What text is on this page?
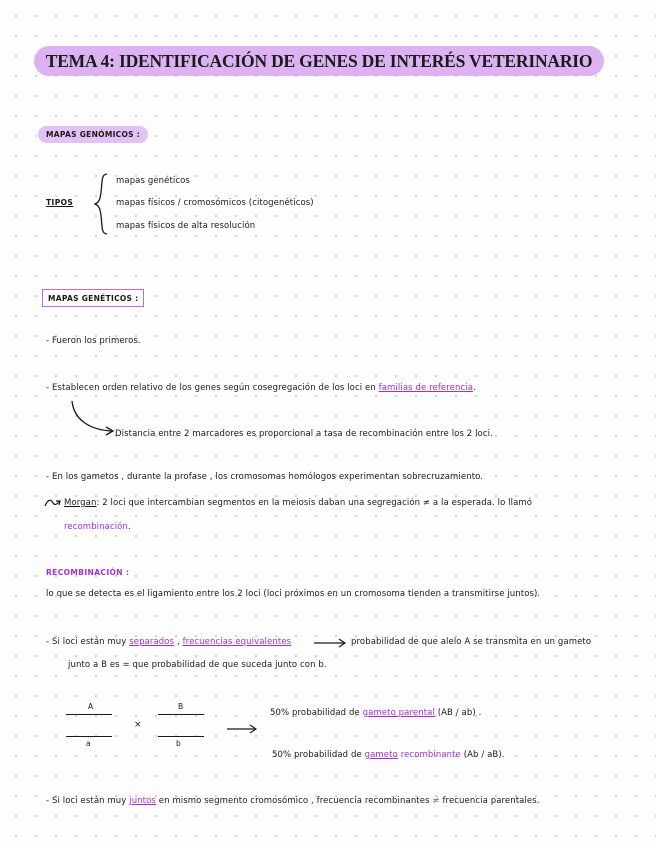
TEMA 4: IDENTIFICACIÓN DE GENES DE INTERÉS VETERINARIO
MAPAS GENÓMICOS :
TIPOS
mapas genéticos
mapas físicos / cromosómicos (citogenéticos)
mapas físicos de alta resolución
MAPAS GENÉTICOS :
- Fueron los primeros.
- Establecen orden relativo de los genes según cosegregación de los loci en familias de referencia.
Distancia entre 2 marcadores es proporcional a tasa de recombinación entre los 2 loci.
- En los gametos , durante la profase , los cromosomas homólogos experimentan sobrecruzamiento.
Morgan: 2 loci que intercambian segmentos en la meiosis daban una segregación ≠ a la esperada. lo llamó
recombinación.
RECOMBINACIÓN :
lo que se detecta es el ligamiento entre los 2 loci (loci próximos en un cromosoma tienden a transmitirse juntos).
- Si loci están muy separados , frecuencias equivalentes	probabilidad de que alelo A se transmita en un gameto
junto a B es = que probabilidad de que suceda junto con b.
A
a
×
B
b
50% probabilidad de gameto parental (AB / ab) .
50% probabilidad de gameto recombinante (Ab / aB).
- Si loci están muy juntos en mismo segmento cromosómico , frecuencia recombinantes ≠ frecuencia parentales.
